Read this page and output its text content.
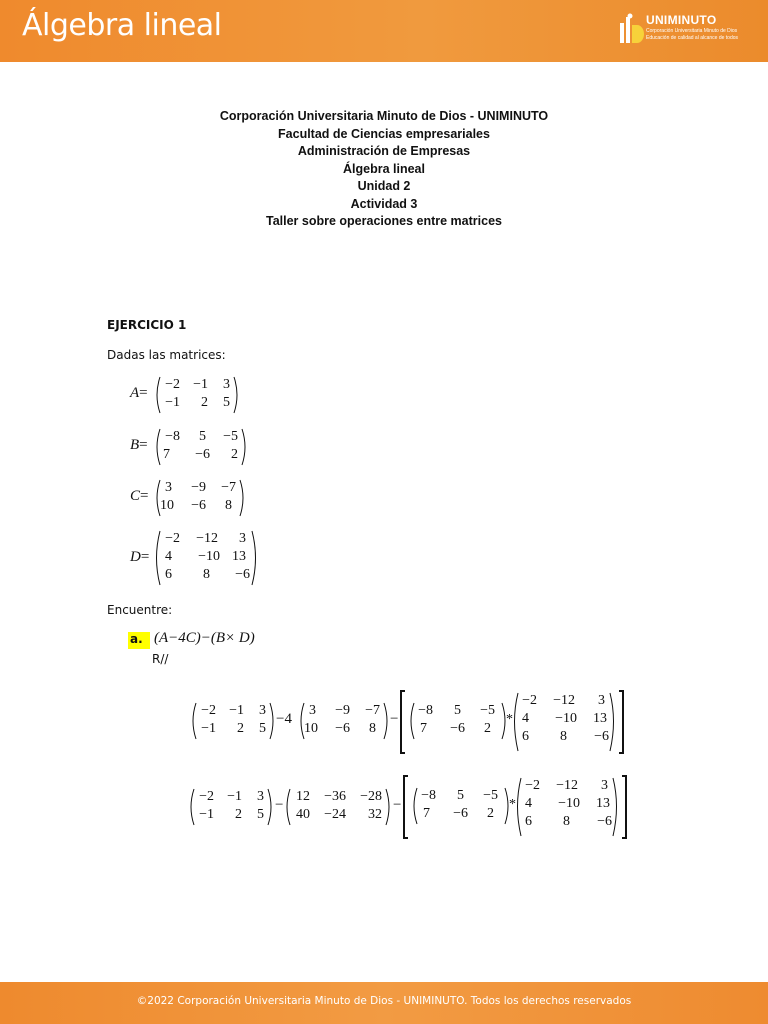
Álgebra lineal	UNIMINUTO
Corporación Universitaria Minuto de Dios
Educación de calidad al alcance de todos
Corporación Universitaria Minuto de Dios - UNIMINUTO
Facultad de Ciencias empresariales
Administración de Empresas
Álgebra lineal
Unidad 2
Actividad 3
Taller sobre operaciones entre matrices
EJERCICIO 1
Dadas las matrices:
A=
−2 −1	3
−1	2	5
B=
−8	5	−5
7	−6	2
C=
3	−9	−7
10	−6	8
D=
−2	−12	3
4	−10 13
6	8	−6
Encuentre:
a. (A−4C)−(B× D)
R//
−2 −1	3
−1	2	5
−4
3	−9	−7
10	−6	8
−
−8	5	−5
7	−6	2
*
−2	−12	3
4	−10	13
6	8	−6
−2 −1	3
−1	2	5
−
12	−36	−28
40	−24	32
−
−8	5	−5
7	−6	2
*
−2	−12	3
4	−10	13
6	8	−6
©2022 Corporación Universitaria Minuto de Dios - UNIMINUTO. Todos los derechos reservados
